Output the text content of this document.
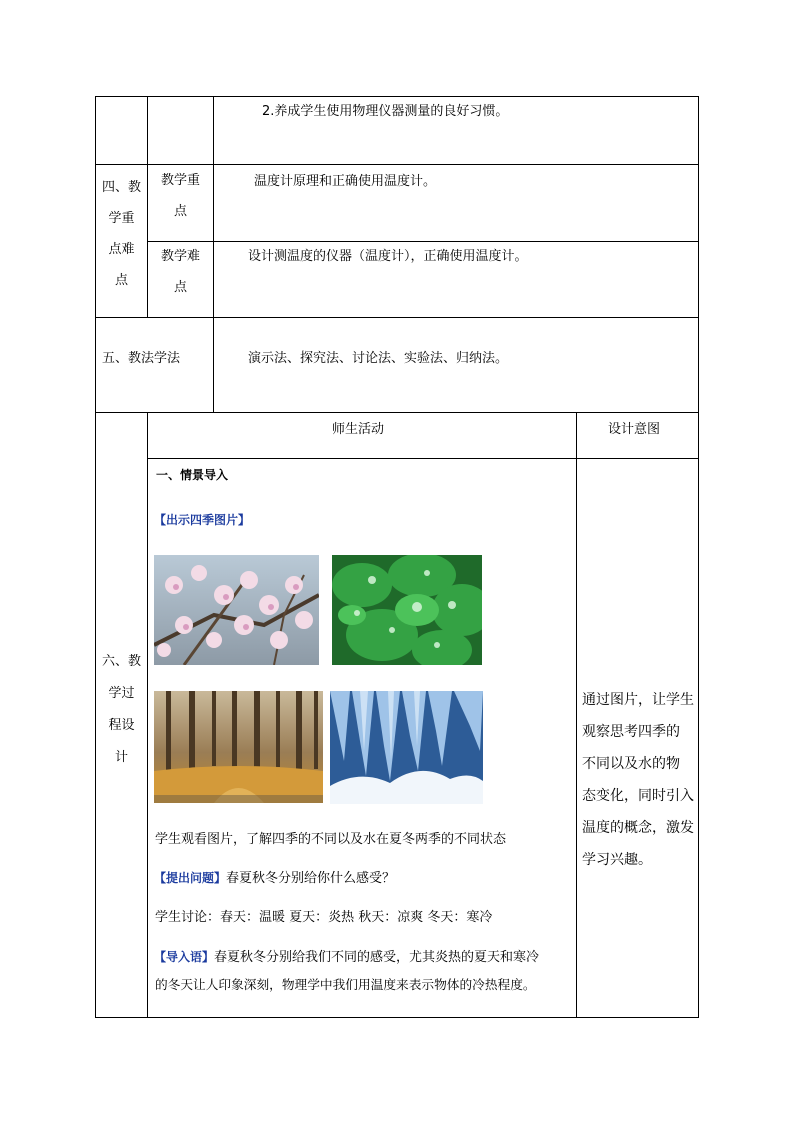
2.养成学生使用物理仪器测量的良好习惯。
四、教
学重
点难
点
教学重
点
温度计原理和正确使用温度计。
教学难
点
设计测温度的仪器（温度计），正确使用温度计。
五、教法学法	演示法、探究法、讨论法、实验法、归纳法。
六、教
学过
程设
计
师生活动	设计意图
一、情景导入
【出示四季图片】
学生观看图片，了解四季的不同以及水在夏冬两季的不同状态
【提出问题】春夏秋冬分别给你什么感受？
学生讨论：春天：温暖 夏天：炎热 秋天：凉爽 冬天：寒冷
【导入语】春夏秋冬分别给我们不同的感受，尤其炎热的夏天和寒冷
的冬天让人印象深刻，物理学中我们用温度来表示物体的冷热程度。
通过图片，让学生
观察思考四季的
不同以及水的物
态变化，同时引入
温度的概念，激发
学习兴趣。
